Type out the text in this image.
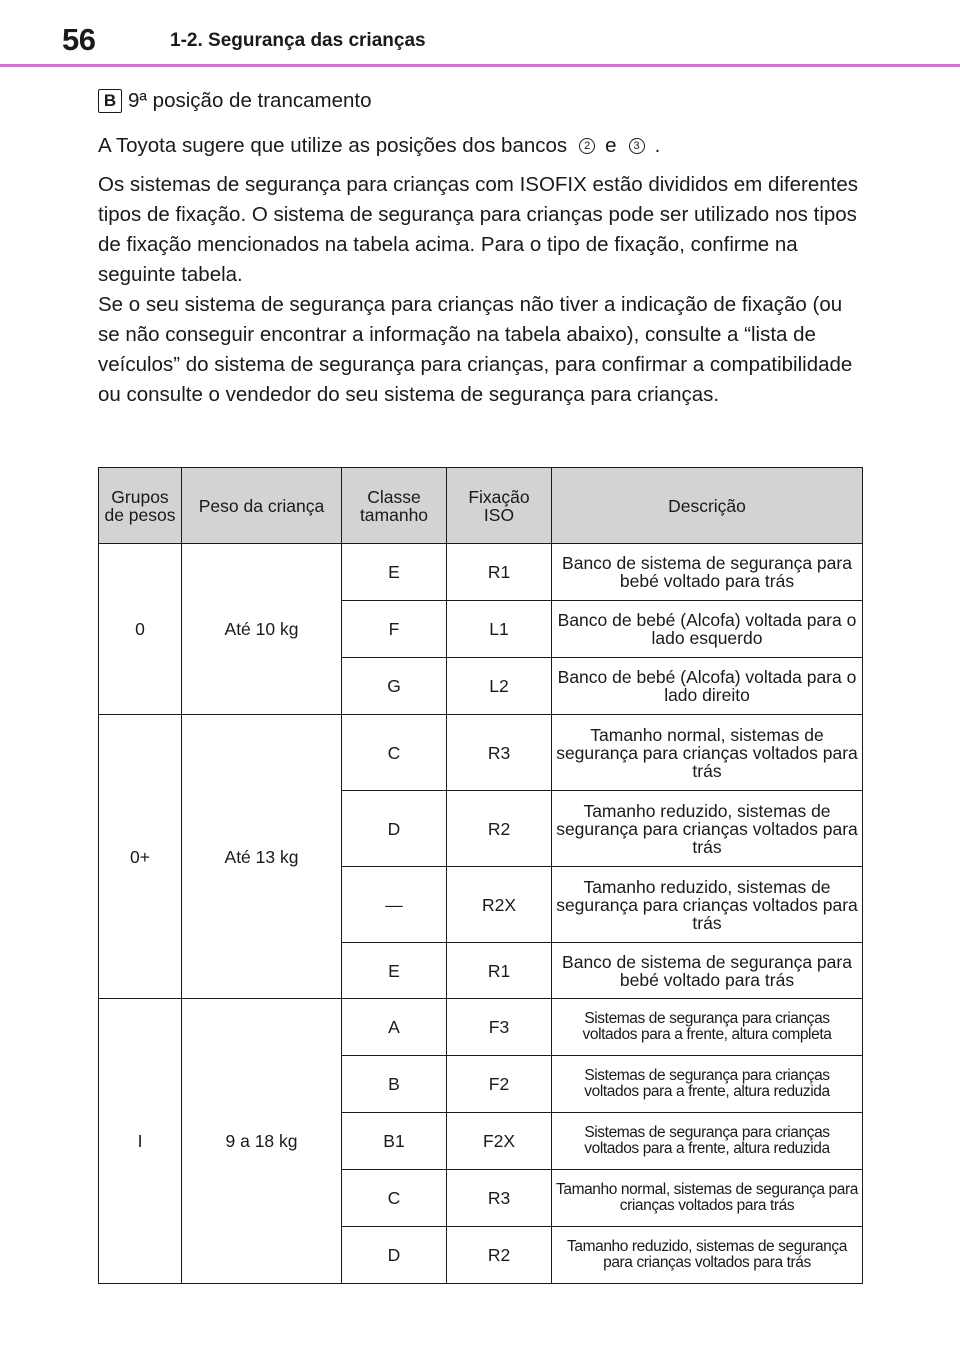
56	1-2. Segurança das crianças
B 9ª posição de trancamento
A Toyota sugere que utilize as posições dos bancos	2 e	3 .

Os sistemas de segurança para crianças com ISOFIX estão divididos em diferentes tipos de fixação. O sistema de segurança para crianças pode ser utilizado nos tipos de fixação mencionados na tabela acima. Para o tipo de fixação, confirme na seguinte tabela.

Se o seu sistema de segurança para crianças não tiver a indicação de fixação (ou se não conseguir encontrar a informação na tabela abaixo), consulte a “lista de veículos” do sistema de segurança para crianças, para confirmar a compatibilidade ou consulte o vendedor do seu sistema de segurança para crianças.

Grupos de pesos	Peso da criança	Classe tamanho	Fixação ISO	Descrição
0	Até 10 kg	E	R1	Banco de sistema de segurança para bebé voltado para trás
		F	L1	Banco de bebé (Alcofa) voltada para o lado esquerdo
		G	L2	Banco de bebé (Alcofa) voltada para o lado direito
0+	Até 13 kg	C	R3	Tamanho normal, sistemas de segurança para crianças voltados para trás
		D	R2	Tamanho reduzido, sistemas de segurança para crianças voltados para trás
		—	R2X	Tamanho reduzido, sistemas de segurança para crianças voltados para trás
		E	R1	Banco de sistema de segurança para bebé voltado para trás
I	9 a 18 kg	A	F3	Sistemas de segurança para crianças voltados para a frente, altura completa
		B	F2	Sistemas de segurança para crianças voltados para a frente, altura reduzida
		B1	F2X	Sistemas de segurança para crianças voltados para a frente, altura reduzida
		C	R3	Tamanho normal, sistemas de segurança para crianças voltados para trás
		D	R2	Tamanho reduzido, sistemas de segurança para crianças voltados para trás
